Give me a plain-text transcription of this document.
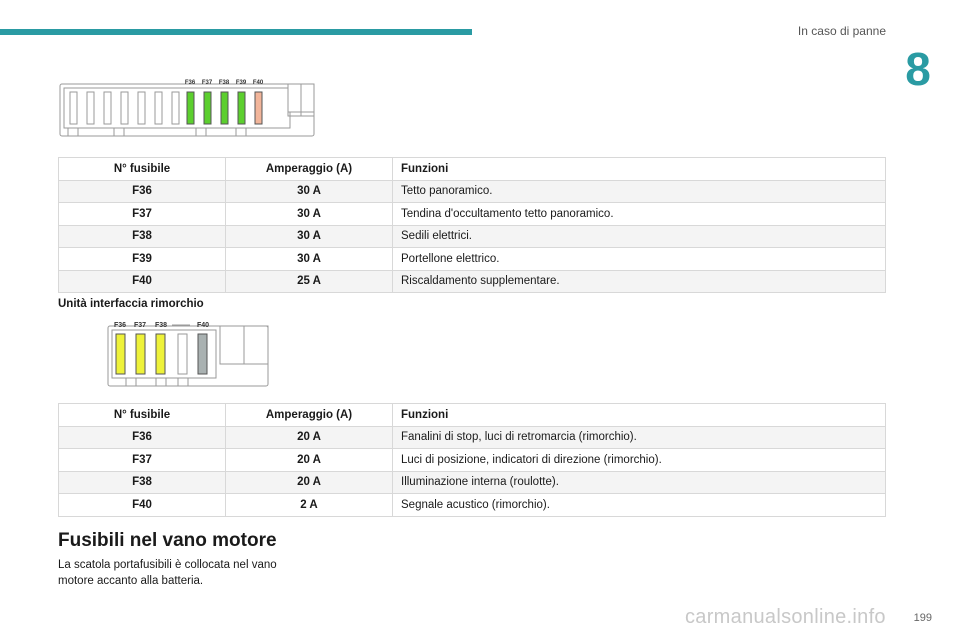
In caso di panne
8
F36 F37 F38 F39 F40
N° fusibile	Amperaggio (A)	Funzioni
F36	30 A	Tetto panoramico.
F37	30 A	Tendina d'occultamento tetto panoramico.
F38	30 A	Sedili elettrici.
F39	30 A	Portellone elettrico.
F40	25 A	Riscaldamento supplementare.
Unità interfaccia rimorchio
F36 F37 F38	F40
N° fusibile	Amperaggio (A)	Funzioni
F36	20 A	Fanalini di stop, luci di retromarcia (rimorchio).
F37	20 A	Luci di posizione, indicatori di direzione (rimorchio).
F38	20 A	Illuminazione interna (roulotte).
F40	2 A	Segnale acustico (rimorchio).
Fusibili nel vano motore
La scatola portafusibili è collocata nel vano motore accanto alla batteria.
carmanualsonline.info	199
